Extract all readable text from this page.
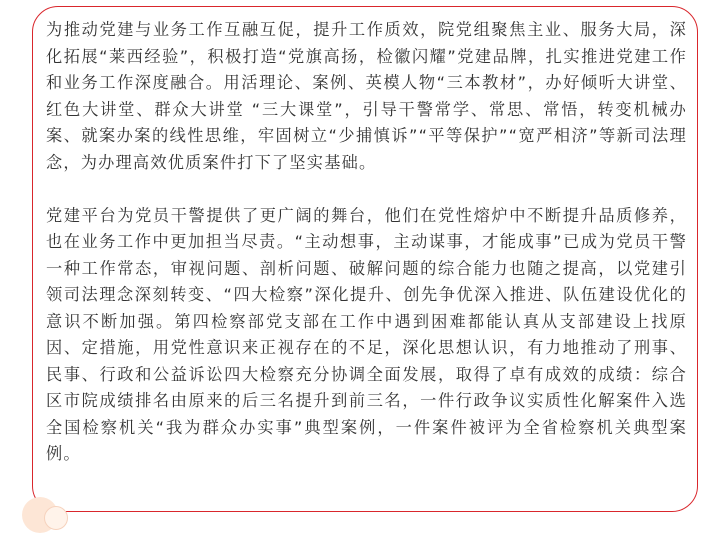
为推动党建与业务工作互融互促，提升工作质效，院党组聚焦主业、服务大局，深化拓展“莱西经验”，积极打造“党旗高扬，检徽闪耀”党建品牌，扎实推进党建工作和业务工作深度融合。用活理论、案例、英模人物“三本教材”，办好倾听大讲堂、红色大讲堂、群众大讲堂 “三大课堂”，引导干警常学、常思、常悟，转变机械办案、就案办案的线性思维，牢固树立“少捕慎诉”“平等保护”“宽严相济”等新司法理念，为办理高效优质案件打下了坚实基础。

党建平台为党员干警提供了更广阔的舞台，他们在党性熔炉中不断提升品质修养，也在业务工作中更加担当尽责。“主动想事，主动谋事，才能成事”已成为党员干警一种工作常态，审视问题、剖析问题、破解问题的综合能力也随之提高，以党建引领司法理念深刻转变、“四大检察”深化提升、创先争优深入推进、队伍建设优化的意识不断加强。第四检察部党支部在工作中遇到困难都能认真从支部建设上找原因、定措施，用党性意识来正视存在的不足，深化思想认识，有力地推动了刑事、民事、行政和公益诉讼四大检察充分协调全面发展，取得了卓有成效的成绩：综合区市院成绩排名由原来的后三名提升到前三名，一件行政争议实质性化解案件入选全国检察机关“我为群众办实事”典型案例，一件案件被评为全省检察机关典型案例。
